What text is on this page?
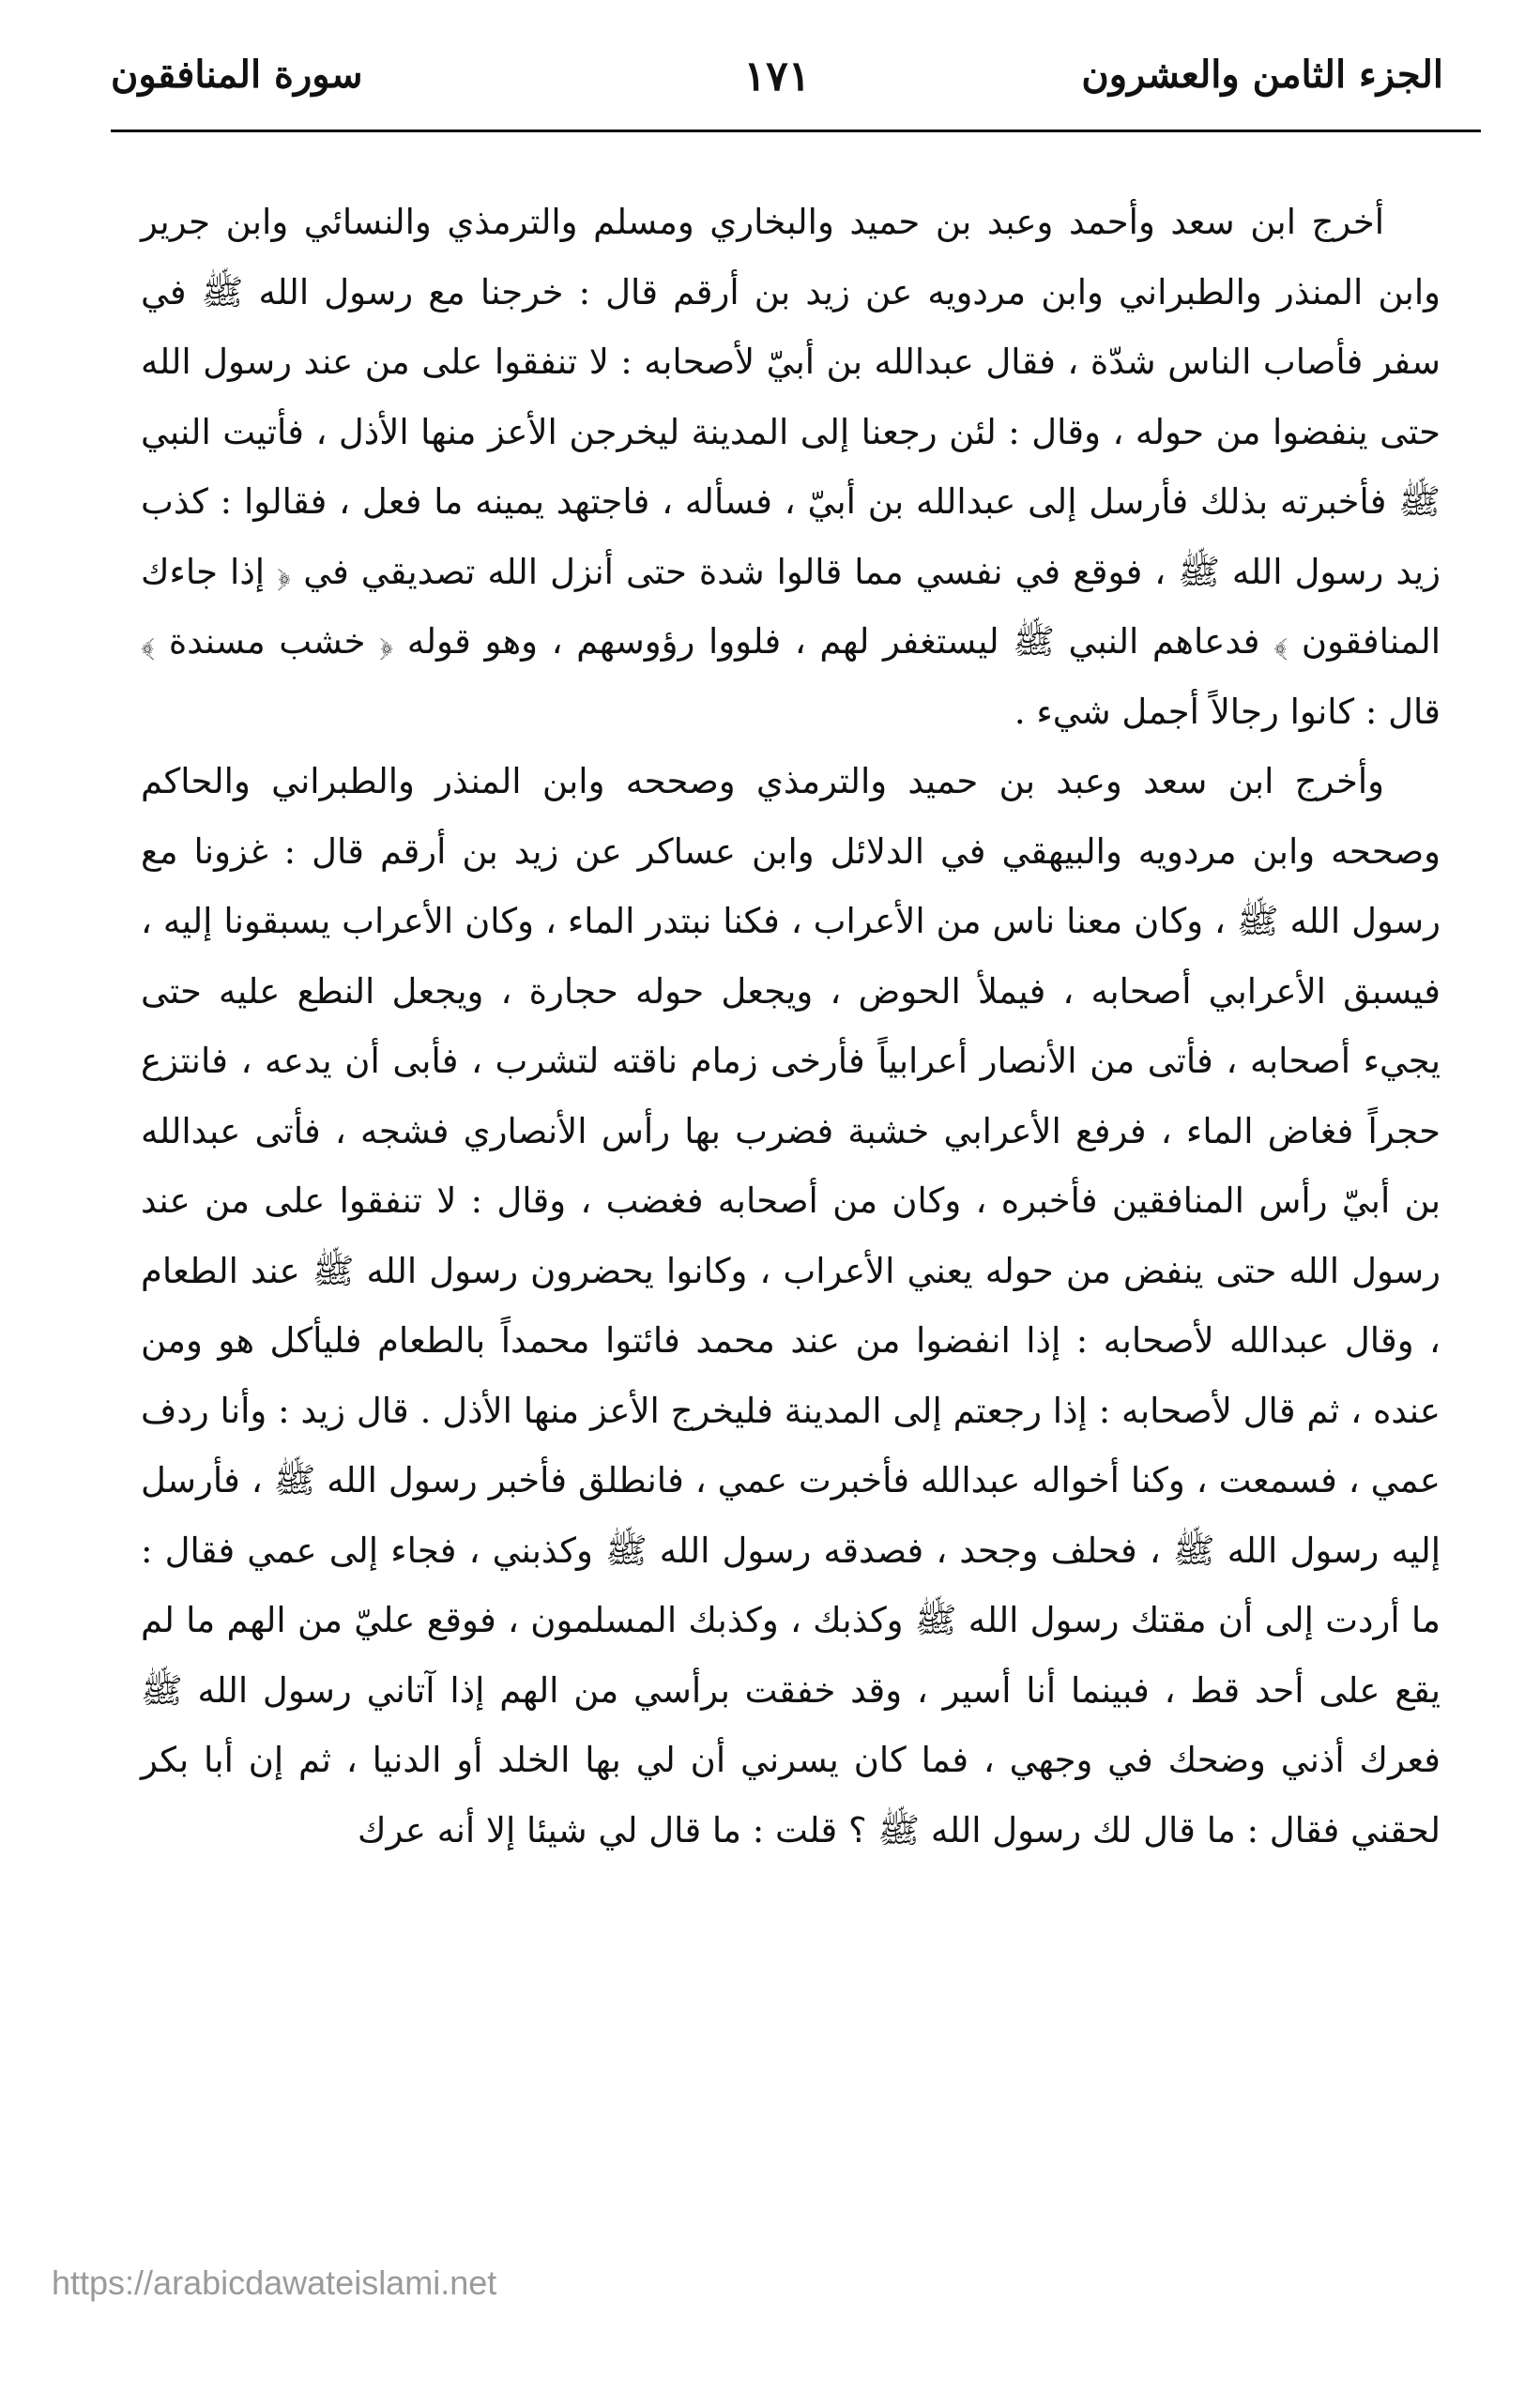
الجزء الثامن والعشرون
١٧١
سورة المنافقون

أخرج ابن سعد وأحمد وعبد بن حميد والبخاري ومسلم والترمذي والنسائي وابن جرير وابن المنذر والطبراني وابن مردويه عن زيد بن أرقم قال : خرجنا مع رسول الله ﷺ في سفر فأصاب الناس شدّة ، فقال عبدالله بن أبيّ لأصحابه : لا تنفقوا على من عند رسول الله حتى ينفضوا من حوله ، وقال : لئن رجعنا إلى المدينة ليخرجن الأعز منها الأذل ، فأتيت النبي ﷺ فأخبرته بذلك فأرسل إلى عبدالله بن أبيّ ، فسأله ، فاجتهد يمينه ما فعل ، فقالوا : كذب زيد رسول الله ﷺ ، فوقع في نفسي مما قالوا شدة حتى أنزل الله تصديقي في ﴿ إذا جاءك المنافقون ﴾ فدعاهم النبي ﷺ ليستغفر لهم ، فلووا رؤوسهم ، وهو قوله ﴿ خشب مسندة ﴾ قال : كانوا رجالاً أجمل شيء .

وأخرج ابن سعد وعبد بن حميد والترمذي وصححه وابن المنذر والطبراني والحاكم وصححه وابن مردويه والبيهقي في الدلائل وابن عساكر عن زيد بن أرقم قال : غزونا مع رسول الله ﷺ ، وكان معنا ناس من الأعراب ، فكنا نبتدر الماء ، وكان الأعراب يسبقونا إليه ، فيسبق الأعرابي أصحابه ، فيملأ الحوض ، ويجعل حوله حجارة ، ويجعل النطع عليه حتى يجيء أصحابه ، فأتى من الأنصار أعرابياً فأرخى زمام ناقته لتشرب ، فأبى أن يدعه ، فانتزع حجراً فغاض الماء ، فرفع الأعرابي خشبة فضرب بها رأس الأنصاري فشجه ، فأتى عبدالله بن أبيّ رأس المنافقين فأخبره ، وكان من أصحابه فغضب ، وقال : لا تنفقوا على من عند رسول الله حتى ينفض من حوله يعني الأعراب ، وكانوا يحضرون رسول الله ﷺ عند الطعام ، وقال عبدالله لأصحابه : إذا انفضوا من عند محمد فائتوا محمداً بالطعام فليأكل هو ومن عنده ، ثم قال لأصحابه : إذا رجعتم إلى المدينة فليخرج الأعز منها الأذل . قال زيد : وأنا ردف عمي ، فسمعت ، وكنا أخواله عبدالله فأخبرت عمي ، فانطلق فأخبر رسول الله ﷺ ، فأرسل إليه رسول الله ﷺ ، فحلف وجحد ، فصدقه رسول الله ﷺ وكذبني ، فجاء إلى عمي فقال : ما أردت إلى أن مقتك رسول الله ﷺ وكذبك ، وكذبك المسلمون ، فوقع عليّ من الهم ما لم يقع على أحد قط ، فبينما أنا أسير ، وقد خفقت برأسي من الهم إذا آتاني رسول الله ﷺ فعرك أذني وضحك في وجهي ، فما كان يسرني أن لي بها الخلد أو الدنيا ، ثم إن أبا بكر لحقني فقال : ما قال لك رسول الله ﷺ ؟ قلت : ما قال لي شيئا إلا أنه عرك

https://arabicdawateislami.net
